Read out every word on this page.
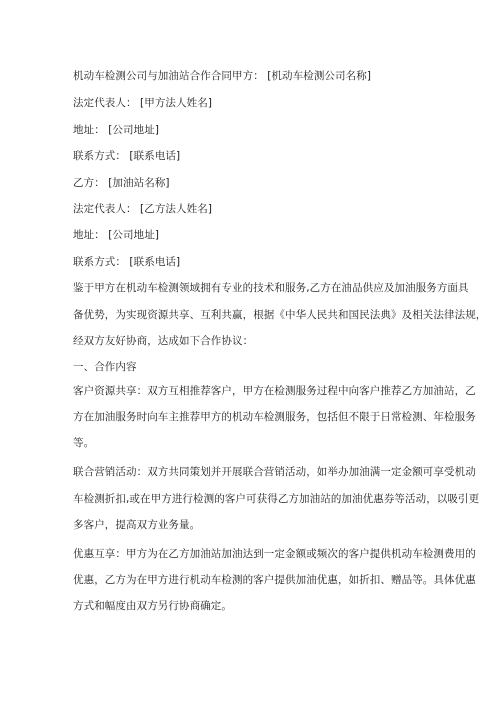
机动车检测公司与加油站合作合同甲方： [机动车检测公司名称]

法定代表人： [甲方法人姓名]

地址： [公司地址]

联系方式： [联系电话]

乙方： [加油站名称]

法定代表人： [乙方法人姓名]

地址： [公司地址]

联系方式： [联系电话]

鉴于甲方在机动车检测领域拥有专业的技术和服务,乙方在油品供应及加油服务方面具

备优势，为实现资源共享、互利共赢，根据《中华人民共和国民法典》及相关法律法规，

经双方友好协商，达成如下合作协议：

一、合作内容

客户资源共享：双方互相推荐客户，甲方在检测服务过程中向客户推荐乙方加油站，乙

方在加油服务时向车主推荐甲方的机动车检测服务，包括但不限于日常检测、年检服务

等。

联合营销活动：双方共同策划并开展联合营销活动，如举办加油满一定金额可享受机动

车检测折扣,或在甲方进行检测的客户可获得乙方加油站的加油优惠券等活动，以吸引更

多客户，提高双方业务量。

优惠互享：甲方为在乙方加油站加油达到一定金额或频次的客户提供机动车检测费用的

优惠，乙方为在甲方进行机动车检测的客户提供加油优惠，如折扣、赠品等。具体优惠

方式和幅度由双方另行协商确定。
